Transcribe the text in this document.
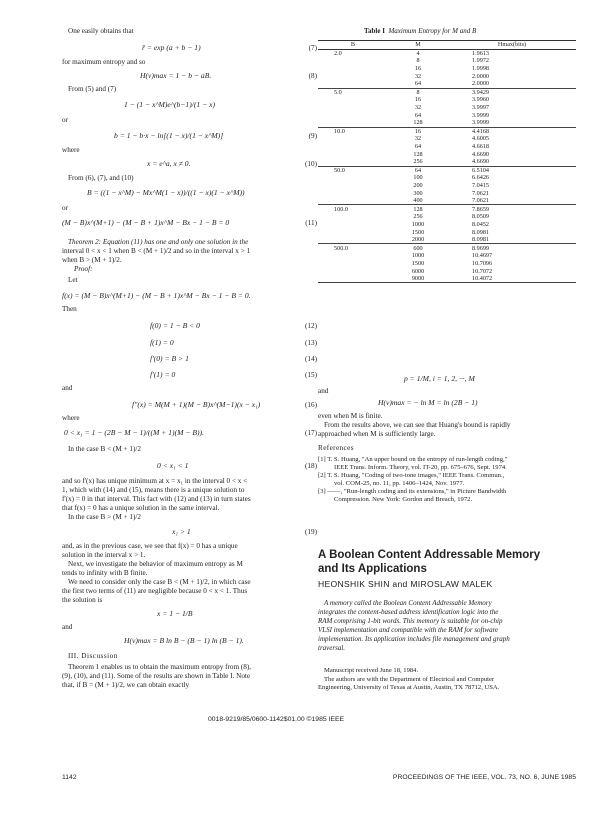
One easily obtains that
r̂ = exp (a + b − 1)	(7)
for maximum entropy and so
H(ν)max = 1 − b − aB.	(8)
From (5) and (7)
1 − (1 − x^M)e^(b−1)/(1 − x)
or
b = 1 − b·x − ln[(1 − x)/(1 − x^M)]	(9)
where
x = e^a, x ≠ 0.	(10)
From (6), (7), and (10)
B = ((1 − x^M) − Mx^M(1 − x))/((1 − x)(1 − x^M))
or
(M − B)x^(M+1) − (M − B + 1)x^M − Bx − 1 − B = 0	(11)
Theorem 2: Equation (11) has one and only one solution in the
interval 0 < x < 1 when B < (M + 1)/2 and so in the interval x > 1
when B > (M + 1)/2.
Proof:
Let
f(x) = (M − B)x^(M+1) − (M − B + 1)x^M − Bx − 1 − B = 0.
Then
f(0) = 1 − B < 0	(12)
f(1) = 0	(13)
f'(0) = B > 1	(14)
f'(1) = 0	(15)
and
f''(x) = M(M + 1)(M − B)x^(M−1)(x − x₁)	(16)
where
0 < x₁ = 1 − (2B − M − 1)/((M + 1)(M − B)).	(17)
In the case B < (M + 1)/2
0 < x₁ < 1	(18)
and so f'(x) has unique minimum at x = x₁ in the interval 0 < x <
1, which with (14) and (15), means there is a unique solution to
f'(x) = 0 in that interval. This fact with (12) and (13) in turn states
that f(x) = 0 has a unique solution in the same interval.
In the case B > (M + 1)/2
x₁ > 1	(19)
and, as in the previous case, we see that f(x) = 0 has a unique
solution in the interval x > 1.
Next, we investigate the behavior of maximum entropy as M
tends to infinity with B finite.
We need to consider only the case B < (M + 1)/2, in which case
the first two terms of (11) are negligible because 0 < x < 1. Thus
the solution is
x = 1 − 1/B
and
H(ν)max = B ln B − (B − 1) ln (B − 1).
III. Discussion
Theorem 1 enables us to obtain the maximum entropy from (8),
(9), (10), and (11). Some of the results are shown in Table I. Note
that, if B = (M + 1)/2, we can obtain exactly
Table I Maximum Entropy for M and B
B	M	Hmax(bits)
2.0	4	1.9613
	8	1.9972
	16	1.9998
	32	2.0000
	64	2.0000
5.0	8	3.9429
	16	3.9960
	32	3.9997
	64	3.9999
	128	3.9999
10.0	16	4.4168
	32	4.6005
	64	4.6618
	128	4.6690
	256	4.6690
50.0	64	6.5104
	100	6.6426
	200	7.0415
	300	7.0621
	400	7.0621
100.0	128	7.8659
	256	8.0509
	1000	8.0452
	1500	8.0981
	2000	8.0981
500.0	600	8.9699
	1000	10.4697
	1500	10.7096
	6000	10.7072
	9000	10.4072
p = 1/M, i = 1, 2, ···, M
and
H(ν)max = − ln M = ln (2B − 1)
even when M is finite.
From the results above, we can see that Huang's bound is rapidly
approached when M is sufficiently large.
References
[1] T. S. Huang, "An upper bound on the entropy of run-length coding,"
IEEE Trans. Inform. Theory, vol. IT-20, pp. 675–676, Sept. 1974.
[2] T. S. Huang, "Coding of two-tone images," IEEE Trans. Commun.,
vol. COM-25, no. 11, pp. 1406–1424, Nov. 1977.
[3] ——, "Run-length coding and its extensions," in Picture Bandwidth
Compression. New York: Gordon and Breach, 1972.
A Boolean Content Addressable Memory
and Its Applications
HEONSHIK SHIN and MIROSLAW MALEK
A memory called the Boolean Content Addressable Memory
integrates the content-based address identification logic into the
RAM comprising 1-bit words. This memory is suitable for on-chip
VLSI implementation and compatible with the RAM for software
implementation. Its application includes file management and graph
traversal.
Manuscript received June 18, 1984.
The authors are with the Department of Electrical and Computer
Engineering, University of Texas at Austin, Austin, TX 78712, USA.
0018-9219/85/0600-1142$01.00 ©1985 IEEE
1142	PROCEEDINGS OF THE IEEE, VOL. 73, NO. 6, JUNE 1985
